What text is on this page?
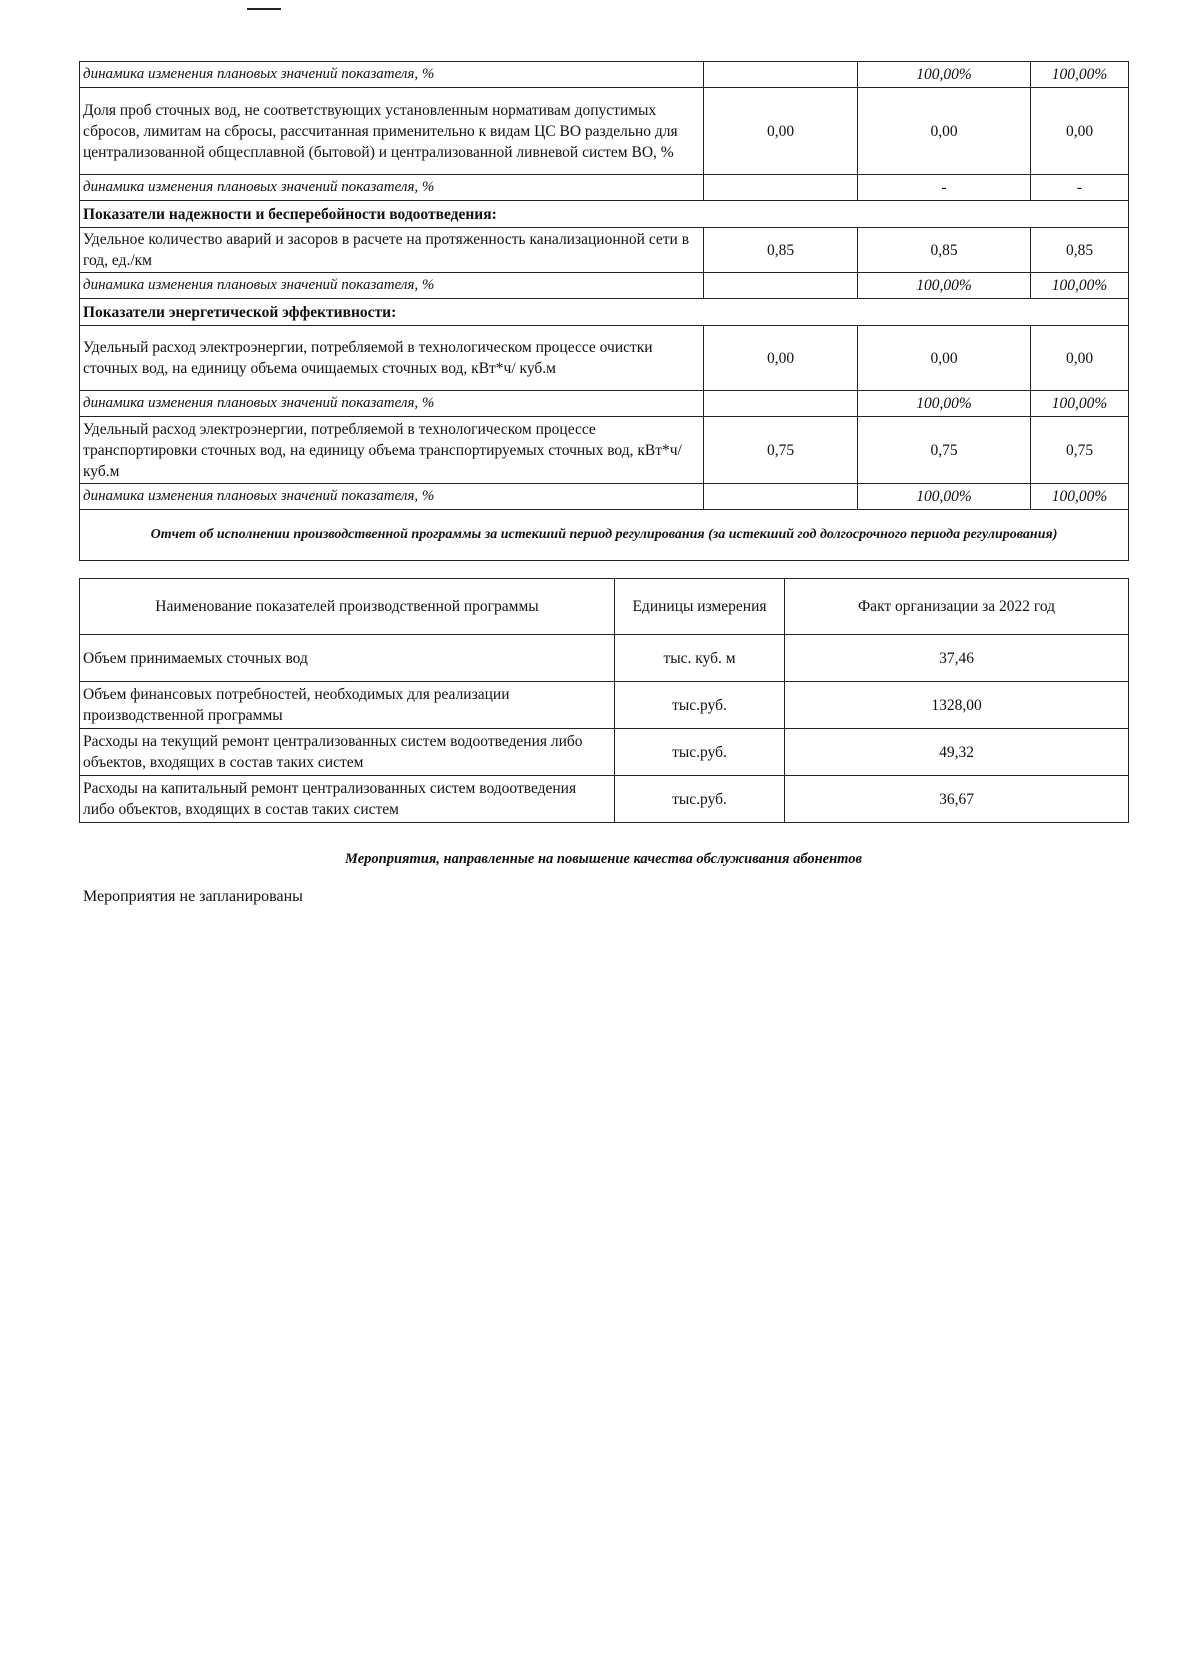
динамика изменения плановых значений показателя, %		100,00%	100,00%
Доля проб сточных вод, не соответствующих установленным нормативам допустимых сбросов, лимитам на сбросы, рассчитанная применительно к видам ЦС ВО раздельно для централизованной общесплавной (бытовой) и централизованной ливневой систем ВО, %	0,00	0,00	0,00
динамика изменения плановых значений показателя, %		-	-
Показатели надежности и бесперебойности водоотведения:			
Удельное количество аварий и засоров в расчете на протяженность канализационной сети в год, ед./км	0,85	0,85	0,85
динамика изменения плановых значений показателя, %		100,00%	100,00%
Показатели энергетической эффективности:			
Удельный расход электроэнергии, потребляемой в технологическом процессе очистки сточных вод, на единицу объема очищаемых сточных вод, кВт*ч/ куб.м	0,00	0,00	0,00
динамика изменения плановых значений показателя, %		100,00%	100,00%
Удельный расход электроэнергии, потребляемой в технологическом процессе транспортировки сточных вод, на единицу объема транспортируемых сточных вод, кВт*ч/ куб.м	0,75	0,75	0,75
динамика изменения плановых значений показателя, %		100,00%	100,00%
Отчет об исполнении производственной программы за истекший период регулирования (за истекший год долгосрочного периода регулирования)			
Наименование показателей производственной программы	Единицы измерения	Факт организации за 2022 год
Объем принимаемых сточных вод	тыс. куб. м	37,46
Объем финансовых потребностей, необходимых для реализации производственной программы	тыс.руб.	1328,00
Расходы на текущий ремонт централизованных систем водоотведения либо объектов, входящих в состав таких систем	тыс.руб.	49,32
Расходы на капитальный ремонт централизованных систем водоотведения либо объектов, входящих в состав таких систем	тыс.руб.	36,67
Мероприятия, направленные на повышение качества обслуживания абонентов
Мероприятия не запланированы
